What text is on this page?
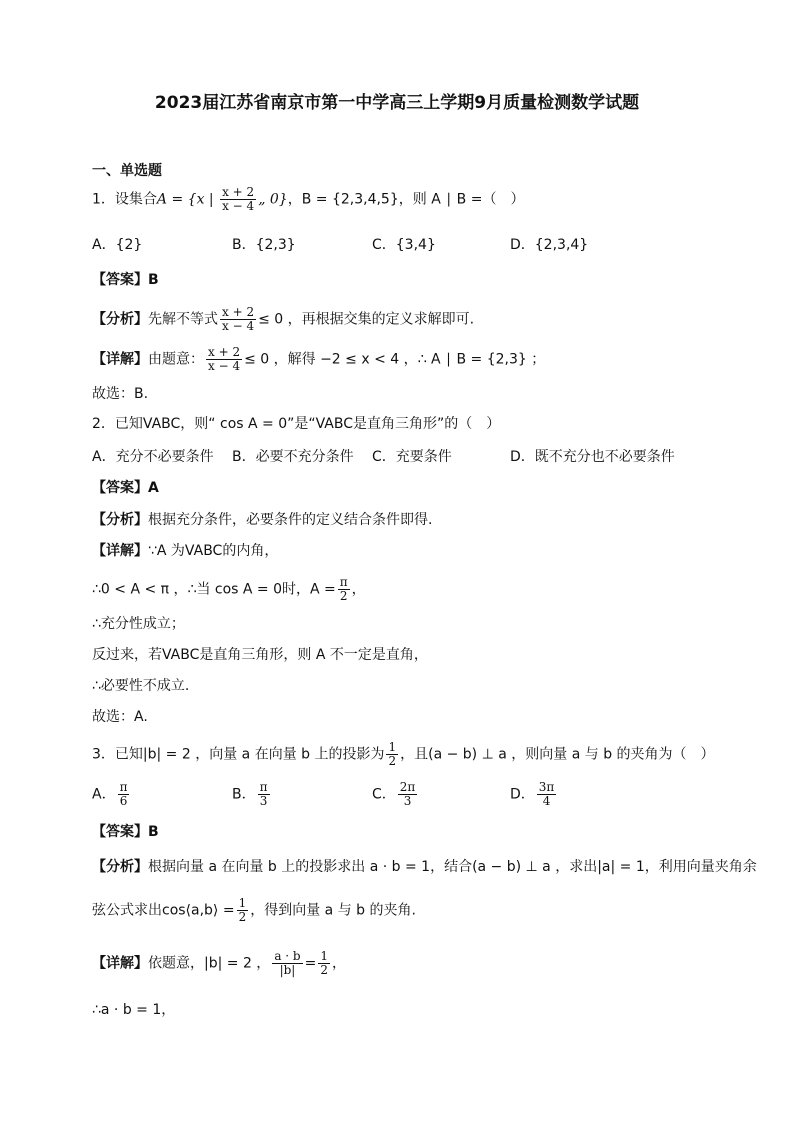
2023届江苏省南京市第一中学高三上学期9月质量检测数学试题
一、单选题
1．设集合A = {x | $\frac{x + 2}{x - 4}$ „ 0}，B = {2,3,4,5}，则 A ∣ B =（　）
A．{2}	B．{2,3}	C．{3,4}	D．{2,3,4}
【答案】B
【分析】先解不等式 $\frac{x + 2}{x - 4} \le 0$ ，再根据交集的定义求解即可.
【详解】由题意： $\frac{x + 2}{x - 4} \le 0$ ，解得 −2 ≤ x < 4 ，∴ A ∣ B = {2,3} ；
故选：B.
2．已知VABC，则“ cos A = 0”是“VABC是直角三角形”的（　）
A．充分不必要条件 B．必要不充分条件 C．充要条件	D．既不充分也不必要条件
【答案】A
【分析】根据充分条件，必要条件的定义结合条件即得.
【详解】∵A 为VABC的内角，
∴0 < A < π ，∴当 cos A = 0时，$A = \frac{\pi}{2}$ ，
∴充分性成立；
反过来，若VABC是直角三角形，则 A 不一定是直角，
∴必要性不成立.
故选：A.
3．已知|b| = 2 ，向量 a 在向量 b 上的投影为 $\frac{1}{2}$ ，且(a − b) ⊥ a ，则向量 a 与 b 的夹角为（　）
A． $\frac{\pi}{6}$	B． $\frac{\pi}{3}$	C． $\frac{2\pi}{3}$	D． $\frac{3\pi}{4}$
【答案】B
【分析】根据向量 a 在向量 b 上的投影求出 a · b = 1，结合(a − b) ⊥ a ，求出|a| = 1，利用向量夹角余
弦公式求出cos⟨a,b⟩ = $\frac{1}{2}$ ，得到向量 a 与 b 的夹角.
【详解】依题意，|b| = 2 ， $\frac{a \cdot b}{|b|} = \frac{1}{2}$ ，
∴a · b = 1，
